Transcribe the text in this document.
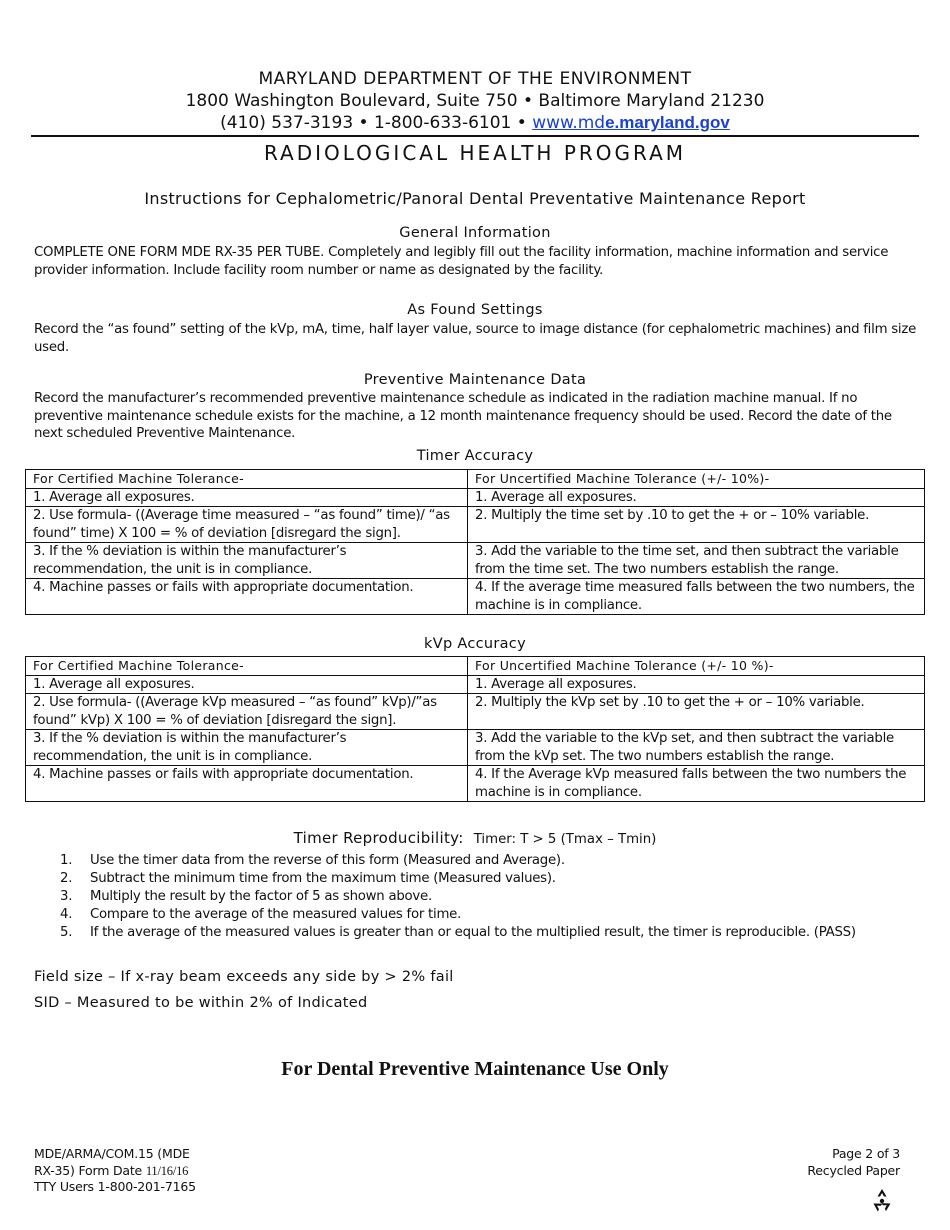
MARYLAND DEPARTMENT OF THE ENVIRONMENT
1800 Washington Boulevard, Suite 750 • Baltimore Maryland 21230
(410) 537-3193 • 1-800-633-6101 • www.mde.maryland.gov
RADIOLOGICAL HEALTH PROGRAM
Instructions for Cephalometric/Panoral Dental Preventative Maintenance Report
General Information

COMPLETE ONE FORM MDE RX-35 PER TUBE. Completely and legibly fill out the facility information, machine information and service provider information. Include facility room number or name as designated by the facility.

As Found Settings

Record the “as found” setting of the kVp, mA, time, half layer value, source to image distance (for cephalometric machines) and film size used.

Preventive Maintenance Data

Record the manufacturer’s recommended preventive maintenance schedule as indicated in the radiation machine manual. If no preventive maintenance schedule exists for the machine, a 12 month maintenance frequency should be used. Record the date of the next scheduled Preventive Maintenance.

Timer Accuracy
For Certified Machine Tolerance-	For Uncertified Machine Tolerance (+/- 10%)-
1. Average all exposures.	1. Average all exposures.
2. Use formula- ((Average time measured – “as found” time)/ “as found” time) X 100 = % of deviation [disregard the sign].	2. Multiply the time set by .10 to get the + or – 10% variable.
3. If the % deviation is within the manufacturer’s recommendation, the unit is in compliance.	3. Add the variable to the time set, and then subtract the variable from the time set. The two numbers establish the range.
4. Machine passes or fails with appropriate documentation.	4. If the average time measured falls between the two numbers, the machine is in compliance.
kVp Accuracy
For Certified Machine Tolerance-	For Uncertified Machine Tolerance (+/- 10 %)-
1. Average all exposures.	1. Average all exposures.
2. Use formula- ((Average kVp measured – “as found” kVp)/”as found” kVp) X 100 = % of deviation [disregard the sign].	2. Multiply the kVp set by .10 to get the + or – 10% variable.
3. If the % deviation is within the manufacturer’s recommendation, the unit is in compliance.	3. Add the variable to the kVp set, and then subtract the variable from the kVp set. The two numbers establish the range.
4. Machine passes or fails with appropriate documentation.	4. If the Average kVp measured falls between the two numbers the machine is in compliance.
Timer Reproducibility: Timer: T > 5 (Tmax – Tmin)
1. Use the timer data from the reverse of this form (Measured and Average).
2. Subtract the minimum time from the maximum time (Measured values).
3. Multiply the result by the factor of 5 as shown above.
4. Compare to the average of the measured values for time.
5. If the average of the measured values is greater than or equal to the multiplied result, the timer is reproducible. (PASS)
Field size – If x-ray beam exceeds any side by > 2% fail
SID – Measured to be within 2% of Indicated
For Dental Preventive Maintenance Use Only
MDE/ARMA/COM.15 (MDE
RX-35) Form Date 11/16/16
TTY Users 1-800-201-7165
Page 2 of 3
Recycled Paper
